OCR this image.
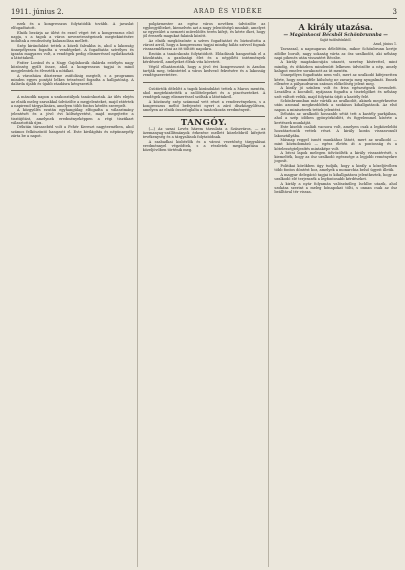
1911. június 2.	ARAD ÉS VIDÉKE	3

ezek és a kongresszus folytatódik tovább. A javaslat elfogadtatott.

Elnök bezárja az ülést és ezzel véget ért a kongresszus első napja, s a tagok a város nevezetességeinek megtekintésére indultak a rendezőség kalauzolása mellett.

Szép kirándulást tettek a közeli falvakba is, ahol a lakosság ünnepélyesen fogadta a vendégeket. A fogadtatás szívélyes és igazán magyaros volt, a vendégek pedig elismeréssel nyilatkoztak a látottakról.

Fráter Loránd és a Nagy Gajdahorák dalárda estélyén nagy közönség gyűlt össze, ahol a kongresszus tagjai is mind megjelentek és élvezték a nótákat.

A városháza díszterme zsúfolásig megtelt, s a programm minden egyes pontját lelkes tetszéssel fogadta a hallgatóság. A dalárda újabb és újabb ráadásra kényszerült.

A második napon a szakosztályok tanácskoztak. Az ülés elején az elnök meleg szavakkal üdvözölte a megjelenteket, majd rátértek a napirend tárgyalására, amelyen több fontos kérdés szerepelt.

A közgyűlés ezután egyhangúlag elfogadta a választmány jelentését és a jövő évi költségvetést, majd megejtette a tisztújítást, amelynek eredményeképpen a régi tisztikart választották újra.

Délután társasebéd volt a Fehér Kereszt nagytermében, ahol számos felköszöntő hangzott el. Este kivilágítás és népünnepély zárta be a napot.

polgármester az egész város nevében üdvözölte az egybegyűlteket, kiemelvén azt a nagy jelentőségű munkát, amelyet az egyesület a nemzeti művelődés terén kifejt, és kérte őket, hogy jól érezzék magukat falaink között.

Az elnök megköszönte a szíves fogadtatást és biztosította a várost arról, hogy a kongresszus tagjai mindig hálás szívvel fognak visszaemlékezni az itt töltött napokra.

Ezután a tanácskozás folytatódott. Előadások hangzottak el a közoktatás, a gazdasági élet és a népjóléti intézmények kérdéseiről, amelyeket élénk vita követett.

Végül elhatározták, hogy a jövő évi kongresszust is Aradon tartják meg, tekintettel a város kedvező fekvésére és a lakosság vendégszeretetére.

Csütörtök délelőtt a tagok kirándulást tettek a Maros mentén, ahol megtekintették a szőlőtelepeket és a pincészeteket. A vendégek nagy elismeréssel szóltak a látottakról.

A közönség szép számmal vett részt a rendezvényeken, s a kongresszus méltó befejezést nyert a záró díszközgyűlésen, amelyen az elnök összefoglalta a tanácskozás eredményeit.

TANGÓY.

(—) Az uzsai Levéz hárem társulata a Szászváros, — az üzemanyag-szállítmányok érkezése mellett közelebbről kifejtett tevékenység és a tárgyalások folytatódnak.

A szabadkai kisbérlők és a városi vezetőség tárgyalásai eredménnyel végződtek, s a részletek megállapítása a közeljövőben történik meg.

A király utazása.
— Magánkocsi Bécsből Schönbrunnba —
Saját tudósítónktól.
Arad, június 1.

Tavasszal, a napsugaras délelőttön, mikor Schönbrunn kertje zöldbe borult, nagy sokaság várta az ősz uralkodót, aki néhány napi pihenés után visszatért Bécsbe.

A király magánkocsiján utazott, szerény kísérettel, mint mindig, és útközben mindenütt lelkesen üdvözölte a nép, amely kalapot emelve sorakozott az út mentén.

Ünnepélyes fogadtatás nem volt, mert az uralkodó kifejezetten kérte, hogy semmiféle külsőség ne zavarja meg nyugalmát. Ennek ellenére a pályaudvaron számos előkelőség jelent meg.

A király jó színben volt és friss egészségnek örvendett. Leszállva a kocsiból, nyájasan fogadta a tisztelgőket és néhány szót váltott velük, majd folytatta útját a kastély felé.

Schönbrunnban már várták az uralkodót, akinek megérkezése után azonnal megkezdődtek a szokásos kihallgatások. Az első napon a miniszterek tettek jelentést.

Délután az uralkodó hosszabb sétát tett a kastély parkjában, ahol a szép időben gyönyörködött, és figyelemmel kísérte a kertészek munkáját.

Este kisebb családi vacsora volt, amelyen csak a legközelebbi hozzátartozók vettek részt. A király korán visszavonult lakosztályába.

Másnap reggel ismét munkához látott, mert az uralkodó — mint köztudomású — egész életén át a pontosság és a kötelességteljesítés mintaképe volt.

A bécsi lapok melegen üdvözölték a király visszatérését, s kiemelték, hogy az ősz uralkodó egészsége a legjobb reményekre jogosít.

Politikai körökben úgy tudják, hogy a király a közeljövőben több fontos döntést hoz, amelyek a monarchia belső ügyeit illetik.

A magyar delegáció tagjai is kihallgatásra jelentkeztek, hogy az uralkodó elé terjesszék a legfontosabb kérdéseket.

A király a nyár folyamán valószínűleg Ischlbe utazik, ahol szokása szerint a meleg hónapokat tölti, s onnan csak az ősz beálltával tér vissza.
